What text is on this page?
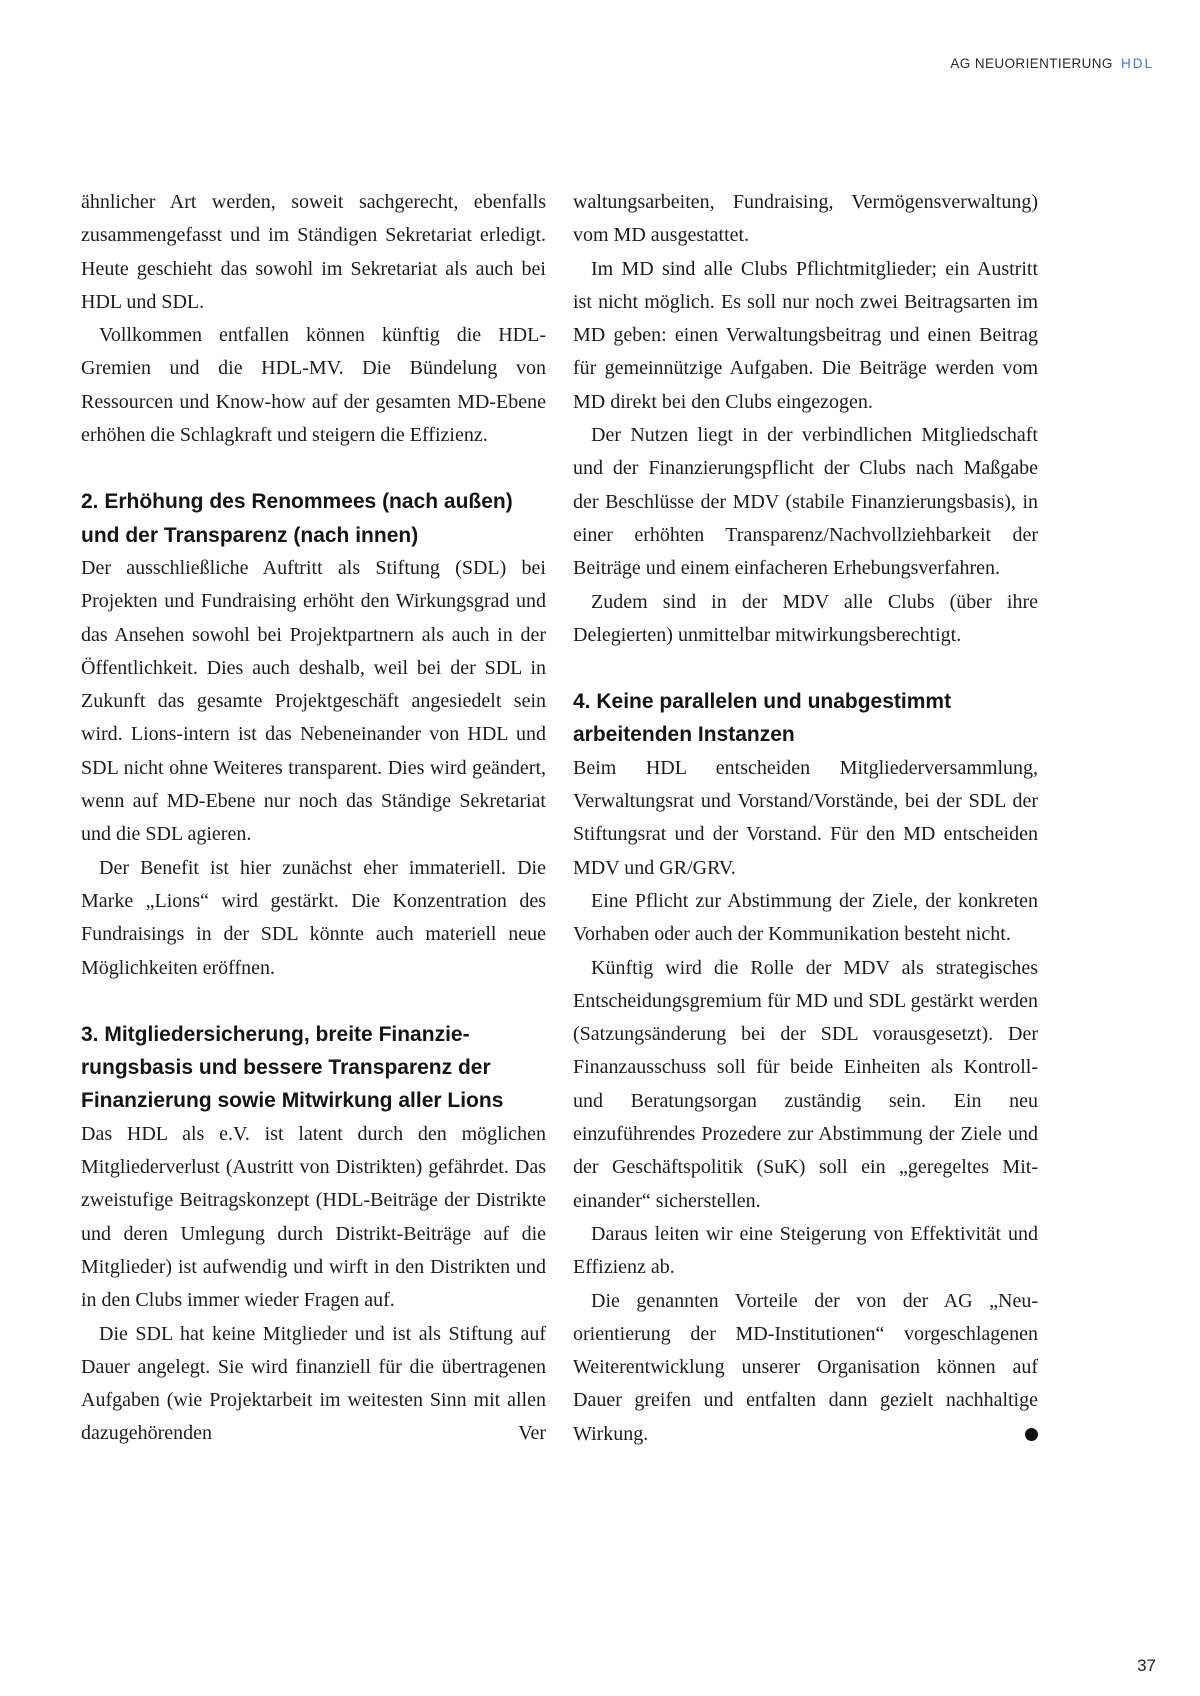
AG NEUORIENTIERUNG HDL

ähnlicher Art werden, soweit sachgerecht, ebenfalls zusammengefasst und im Ständigen Sekretariat erledigt. Heute geschieht das sowohl im Sekretariat als auch bei HDL und SDL.

Vollkommen entfallen können künftig die HDL-Gremien und die HDL-MV. Die Bündelung von Ressourcen und Know-how auf der gesamten MD-Ebene erhöhen die Schlagkraft und steigern die Effizienz.

2. Erhöhung des Renommees (nach außen) und der Transparenz (nach innen)

Der ausschließliche Auftritt als Stiftung (SDL) bei Projekten und Fundraising erhöht den Wirkungsgrad und das Ansehen sowohl bei Projektpartnern als auch in der Öffentlichkeit. Dies auch deshalb, weil bei der SDL in Zukunft das gesamte Projektgeschäft angesiedelt sein wird. Lions-intern ist das Nebeneinander von HDL und SDL nicht ohne Weiteres transparent. Dies wird geändert, wenn auf MD-Ebene nur noch das Ständige Sekretariat und die SDL agieren.

Der Benefit ist hier zunächst eher immateriell. Die Marke „Lions“ wird gestärkt. Die Konzentration des Fundraisings in der SDL könnte auch materiell neue Möglichkeiten eröffnen.

3. Mitgliedersicherung, breite Finanzierungsbasis und bessere Transparenz der Finanzierung sowie Mitwirkung aller Lions

Das HDL als e.V. ist latent durch den möglichen Mitgliederverlust (Austritt von Distrikten) gefährdet. Das zweistufige Beitragskonzept (HDL-Beiträge der Distrikte und deren Umlegung durch Distrikt-Beiträge auf die Mitglieder) ist aufwendig und wirft in den Distrikten und in den Clubs immer wieder Fragen auf.

Die SDL hat keine Mitglieder und ist als Stiftung auf Dauer angelegt. Sie wird finanziell für die übertragenen Aufgaben (wie Projektarbeit im weitesten Sinn mit allen dazugehörenden Ver

waltungsarbeiten, Fundraising, Vermögensverwaltung) vom MD ausgestattet.

Im MD sind alle Clubs Pflichtmitglieder; ein Austritt ist nicht möglich. Es soll nur noch zwei Beitragsarten im MD geben: einen Verwaltungsbeitrag und einen Beitrag für gemeinnützige Aufgaben. Die Beiträge werden vom MD direkt bei den Clubs eingezogen.

Der Nutzen liegt in der verbindlichen Mitgliedschaft und der Finanzierungspflicht der Clubs nach Maßgabe der Beschlüsse der MDV (stabile Finanzierungsbasis), in einer erhöhten Transparenz/Nachvollziehbarkeit der Beiträge und einem einfacheren Erhebungsverfahren.

Zudem sind in der MDV alle Clubs (über ihre Delegierten) unmittelbar mitwirkungsberechtigt.

4. Keine parallelen und unabgestimmt arbeitenden Instanzen

Beim HDL entscheiden Mitgliederversammlung, Verwaltungsrat und Vorstand/Vorstände, bei der SDL der Stiftungsrat und der Vorstand. Für den MD entscheiden MDV und GR/GRV.

Eine Pflicht zur Abstimmung der Ziele, der konkreten Vorhaben oder auch der Kommunikation besteht nicht.

Künftig wird die Rolle der MDV als strategisches Entscheidungsgremium für MD und SDL gestärkt werden (Satzungsänderung bei der SDL vorausgesetzt). Der Finanzausschuss soll für beide Einheiten als Kontroll- und Beratungsorgan zuständig sein. Ein neu einzuführendes Prozedere zur Abstimmung der Ziele und der Geschäftspolitik (SuK) soll ein „geregeltes Miteinander“ sicherstellen.

Daraus leiten wir eine Steigerung von Effektivität und Effizienz ab.

Die genannten Vorteile der von der AG „Neuorientierung der MD-Institutionen“ vorgeschlagenen Weiterentwicklung unserer Organisation können auf Dauer greifen und entfalten dann gezielt nachhaltige Wirkung.	L

37
